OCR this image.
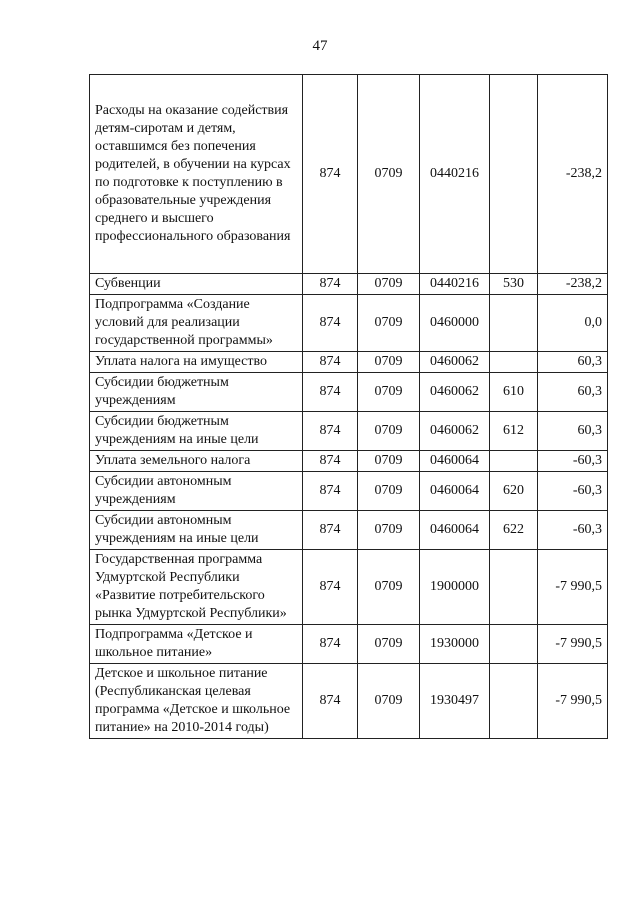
47
Расходы на оказание содействия детям-сиротам и детям, оставшимся без попечения родителей, в обучении на курсах по подготовке к поступлению в образовательные учреждения среднего и высшего профессионального образования	874	0709	0440216		-238,2
Субвенции	874	0709	0440216	530	-238,2
Подпрограмма «Создание условий для реализации государственной программы»	874	0709	0460000		0,0
Уплата налога на имущество	874	0709	0460062		60,3
Субсидии бюджетным учреждениям	874	0709	0460062	610	60,3
Субсидии бюджетным учреждениям на иные цели	874	0709	0460062	612	60,3
Уплата земельного налога	874	0709	0460064		-60,3
Субсидии автономным учреждениям	874	0709	0460064	620	-60,3
Субсидии автономным учреждениям на иные цели	874	0709	0460064	622	-60,3
Государственная программа Удмуртской Республики «Развитие потребительского рынка Удмуртской Республики»	874	0709	1900000		-7 990,5
Подпрограмма «Детское и школьное питание»	874	0709	1930000		-7 990,5
Детское и школьное питание (Республиканская целевая программа «Детское и школьное питание» на 2010-2014 годы)	874	0709	1930497		-7 990,5
